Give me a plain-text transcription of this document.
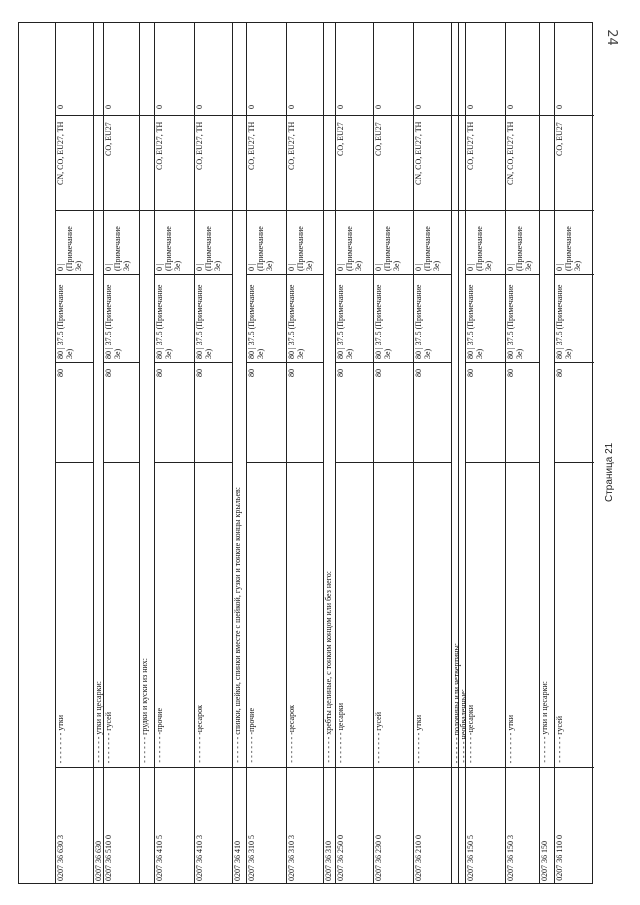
24
Страница 21
0
CO, EU27
0 | (Примечание 3е)
80 | 37.5 (Примечание 3е)
80
- - - - - - гусей
0207 36 110 0
- - - - - - утки и цесарки:
0207 36 150
0
CN, CO, EU27, TH
0 | (Примечание 3е)
80 | 37.5 (Примечание 3е)
80
- - - - - - - утки
0207 36 150 3
0
CO, EU27, TH
0 | (Примечание 3е)
80 | 37.5 (Примечание 3е)
80
- - - - - - -цесарки
0207 36 150 5
- - - - - необваленные:
- - - - - - половины или четвертины:
0
CN, CO, EU27, TH
0 | (Примечание 3е)
80 | 37.5 (Примечание 3е)
80
- - - - - - - утки
0207 36 210 0
0
CO, EU27
0 | (Примечание 3е)
80 | 37.5 (Примечание 3е)
80
- - - - - - - гусей
0207 36 230 0
0
CO, EU27
0 | (Примечание 3е)
80 | 37.5 (Примечание 3е)
80
- - - - - - - цесарки
0207 36 250 0
- - - - - - хребты целиные, с тонким концом или без него:
0207 36 310
0
CO, EU27, TH
0 | (Примечание 3е)
80 | 37.5 (Примечание 3е)
80
- - - - - - -цесарок
0207 36 310 3
0
CO, EU27, TH
0 | (Примечание 3е)
80 | 37.5 (Примечание 3е)
80
- - - - - - -прочие
0207 36 310 5
- - - - - - спинки, шейки, спинки вместе с шейкой, гузки и тонкие концы крыльев:
0207 36 410
0
CO, EU27, TH
0 | (Примечание 3е)
80 | 37.5 (Примечание 3е)
80
- - - - - - -цесарок
0207 36 410 3
0
CO, EU27, TH
0 | (Примечание 3е)
80 | 37.5 (Примечание 3е)
80
- - - - - - -прочие
0207 36 410 5
- - - - - - грудки и куски из них:
0
CO, EU27
0 | (Примечание 3е)
80 | 37.5 (Примечание 3е)
80
- - - - - - - гусей
0207 36 510 0
- - - - - - утки и цесарки:
0207 36 630
0
CN, CO, EU27, TH
0 | (Примечание 3е)
80 | 37.5 (Примечание 3е)
80
- - - - - - - утки
0207 36 630 3
